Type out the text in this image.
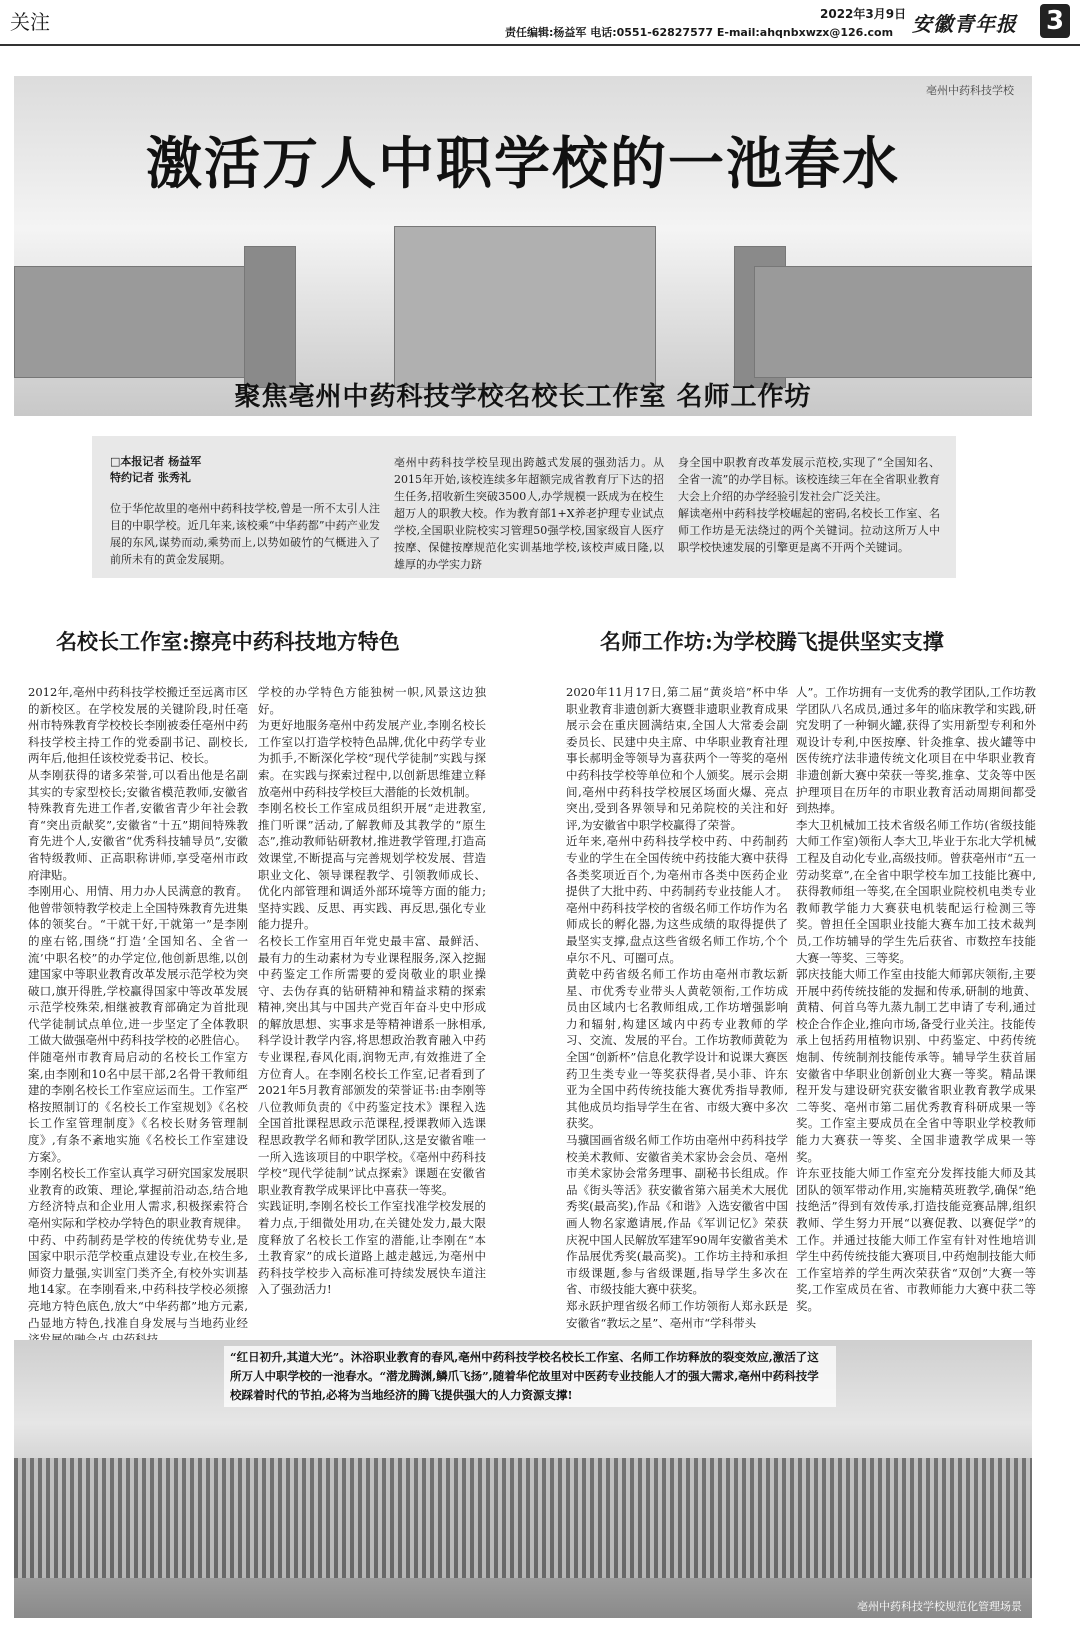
关注	责任编辑:杨益军 电话:0551-62827577 E-mail:ahqnbxwzx@126.com
2022年3月9日 安徽青年报 3
亳州中药科技学校
激活万人中职学校的一池春水
聚焦亳州中药科技学校名校长工作室 名师工作坊
□本报记者 杨益军
特约记者 张秀礼
位于华佗故里的亳州中药科技学校,曾是一所不太引人注目的中职学校。近几年来,该校乘“中华药都”中药产业发展的东风,谋势而动,乘势而上,以势如破竹的气概进入了前所未有的黄金发展期。
亳州中药科技学校呈现出跨越式发展的强劲活力。从2015年开始,该校连续多年超额完成省教育厅下达的招生任务,招收新生突破3500人,办学规模一跃成为在校生超万人的职教大校。作为教育部1+X养老护理专业试点学校,全国职业院校实习管理50强学校,国家级盲人医疗按摩、保健按摩规范化实训基地学校,该校声威日隆,以雄厚的办学实力跻
身全国中职教育改革发展示范校,实现了“全国知名、全省一流”的办学目标。该校连续三年在全省职业教育大会上介绍的办学经验引发社会广泛关注。
解读亳州中药科技学校崛起的密码,名校长工作室、名师工作坊是无法绕过的两个关键词。拉动这所万人中职学校快速发展的引擎更是离不开两个关键词。
名校长工作室:擦亮中药科技地方特色	名师工作坊:为学校腾飞提供坚实支撑
2012年,亳州中药科技学校搬迁至远离市区的新校区。在学校发展的关键阶段,时任亳州市特殊教育学校校长李刚被委任亳州中药科技学校主持工作的党委副书记、副校长,两年后,他担任该校党委书记、校长。
从李刚获得的诸多荣誉,可以看出他是名副其实的专家型校长;安徽省模范教师,安徽省特殊教育先进工作者,安徽省青少年社会教育“突出贡献奖”,安徽省“十五”期间特殊教育先进个人,安徽省“优秀科技辅导员”,安徽省特级教师、正高职称讲师,享受亳州市政府津贴。
李刚用心、用情、用力办人民满意的教育。他曾带领特教学校走上全国特殊教育先进集体的领奖台。“干就干好,干就第一”是李刚的座右铭,围绕“打造‘全国知名、全省一流’中职名校”的办学定位,他创新思维,以创建国家中等职业教育改革发展示范学校为突破口,旗开得胜,学校赢得国家中等改革发展示范学校殊荣,相继被教育部确定为首批现代学徒制试点单位,进一步坚定了全体教职工做大做强亳州中药科技学校的必胜信心。
伴随亳州市教育局启动的名校长工作室方案,由李刚和10名中层干部,2名骨干教师组建的李刚名校长工作室应运而生。工作室严格按照制订的《名校长工作室规划》《名校长工作室管理制度》《名校长财务管理制度》,有条不紊地实施《名校长工作室建设方案》。
李刚名校长工作室认真学习研究国家发展职业教育的政策、理论,掌握前沿动态,结合地方经济特点和企业用人需求,积极探索符合亳州实际和学校办学特色的职业教育规律。中药、中药制药是学校的传统优势专业,是国家中职示范学校重点建设专业,在校生多,师资力量强,实训室门类齐全,有校外实训基地14家。在李刚看来,中药科技学校必须擦亮地方特色底色,放大“中华药都”地方元素,凸显地方特色,找准自身发展与当地药业经
学校的办学特色方能独树一帜,风景这边独好。
为更好地服务亳州中药发展产业,李刚名校长工作室以打造学校特色品牌,优化中药学专业为抓手,不断深化学校“现代学徒制”实践与探索。在实践与探索过程中,以创新思维建立释放亳州中药科技学校巨大潜能的长效机制。
李刚名校长工作室成员组织开展“走进教室,推门听课”活动,了解教师及其教学的“原生态”,推动教师钻研教材,推进教学管理,打造高效课堂,不断提高与完善规划学校发展、营造职业文化、领导课程教学、引领教师成长、优化内部管理和调适外部环境等方面的能力;坚持实践、反思、再实践、再反思,强化专业能力提升。
名校长工作室用百年党史最丰富、最鲜活、最有力的生动素材为专业课程服务,深入挖掘中药鉴定工作所需要的爱岗敬业的职业操守、去伪存真的钻研精神和精益求精的探索精神,突出其与中国共产党百年奋斗史中形成的解放思想、实事求是等精神谱系一脉相承,科学设计教学内容,将思想政治教育融入中药专业课程,春风化雨,润物无声,有效推进了全方位育人。在李刚名校长工作室,记者看到了2021年5月教育部颁发的荣誉证书:由李刚等八位教师负责的《中药鉴定技术》课程入选全国首批课程思政示范课程,授课教师入选课程思政教学名师和教学团队,这是安徽省唯一一所入选该项目的中职学校。《亳州中药科技学校“现代学徒制”试点探索》课题在安徽省职业教育教学成果评比中喜获一等奖。
实践证明,李刚名校长工作室找准学校发展的着力点,于细微处用功,在关键处发力,最大限度释放了名校长工作室的潜能,让李刚在“本土教育家”的成长道路上越走越远,为亳州中药科技学校步入高标准可持续发展快车道注入了强劲活力!
2020年11月17日,第二届“黄炎培”杯中华职业教育非遗创新大赛暨非遗职业教育成果展示会在重庆圆满结束,全国人大常委会副委员长、民建中央主席、中华职业教育社理事长郝明金等领导为喜获两个一等奖的亳州中药科技学校等单位和个人颁奖。展示会期间,亳州中药科技学校展区场面火爆、亮点突出,受到各界领导和兄弟院校的关注和好评,为安徽省中职学校赢得了荣誉。
近年来,亳州中药科技学校中药、中药制药专业的学生在全国传统中药技能大赛中获得各类奖项近百个,为亳州市各类中医药企业提供了大批中药、中药制药专业技能人才。亳州中药科技学校的省级名师工作坊作为名师成长的孵化器,为这些成绩的取得提供了最坚实支撑,盘点这些省级名师工作坊,个个卓尔不凡、可圈可点。
黄乾中药省级名师工作坊由亳州市教坛新星、市优秀专业带头人黄乾领衔,工作坊成员由区域内七名教师组成,工作坊增强影响力和辐射,构建区域内中药专业教师的学习、交流、发展的平台。工作坊教师黄乾为全国“创新杯”信息化教学设计和说课大赛医药卫生类专业一等奖获得者,吴小菲、许东亚为全国中药传统技能大赛优秀指导教师,其他成员均指导学生在省、市级大赛中多次获奖。
马骥国画省级名师工作坊由亳州中药科技学校美术教师、安徽省美术家协会会员、亳州市美术家协会常务理事、副秘书长组成。作品《街头等活》获安徽省第六届美术大展优秀奖(最高奖),作品《和谐》入选安徽省中国画人物名家邀请展,作品《军训记忆》荣获庆祝中国人民解放军建军90周年安徽省美术作品展优秀奖(最高奖)。工作坊主持和承担市级课题,参与省级课题,指导学生多次在省、市级技能大赛中获奖。
郑永跃护理省级名师工作坊领衔人郑永跃是安徽省“教坛之星”、亳州市“学科带头
人”。工作坊拥有一支优秀的教学团队,工作坊教学团队八名成员,通过多年的临床教学和实践,研究发明了一种铜火罐,获得了实用新型专利和外观设计专利,中医按摩、针灸推拿、拔火罐等中医传统疗法非遗传统文化项目在中华职业教育非遗创新大赛中荣获一等奖,推拿、艾灸等中医护理项目在历年的市职业教育活动周期间都受到热捧。
李大卫机械加工技术省级名师工作坊(省级技能大师工作室)领衔人李大卫,毕业于东北大学机械工程及自动化专业,高级技师。曾获亳州市“五一劳动奖章”,在全省中职学校车加工技能比赛中,获得教师组一等奖,在全国职业院校机电类专业教师教学能力大赛获电机装配运行检测三等奖。曾担任全国职业技能大赛车加工技术裁判员,工作坊辅导的学生先后获省、市数控车技能大赛一等奖、三等奖。
郭庆技能大师工作室由技能大师郭庆领衔,主要开展中药传统技能的发掘和传承,研制的地黄、黄精、何首乌等九蒸九制工艺申请了专利,通过校企合作企业,推向市场,备受行业关注。技能传承上包括药用植物识别、中药鉴定、中药传统炮制、传统制剂技能传承等。辅导学生获首届安徽省中华职业创新创业大赛一等奖。精品课程开发与建设研究获安徽省职业教育教学成果二等奖、亳州市第二届优秀教育科研成果一等奖。工作室主要成员在全省中等职业学校教师能力大赛获一等奖、全国非遗教学成果一等奖。
许东亚技能大师工作室充分发挥技能大师及其团队的领军带动作用,实施精英班教学,确保“绝技绝活”得到有效传承,打造技能竞赛品牌,组织教师、学生努力开展“以赛促教、以赛促学”的工作。并通过技能大师工作室有针对性地培训学生中药传统技能大赛项目,中药炮制技能大师工作室培养的学生两次荣获省“双创”大赛一等奖,工作室成员在省、市教师能力大赛中获二等奖。
“红日初升,其道大光”。沐浴职业教育的春风,亳州中药科技学校名校长工作室、名师工作坊释放的裂变效应,激活了这所万人中职学校的一池春水。“潜龙腾渊,鳞爪飞扬”,随着华佗故里对中医药专业技能人才的强大需求,亳州中药科技学校踩着时代的节拍,必将为当地经济的腾飞提供强大的人力资源支撑!
亳州中药科技学校规范化管理场景
